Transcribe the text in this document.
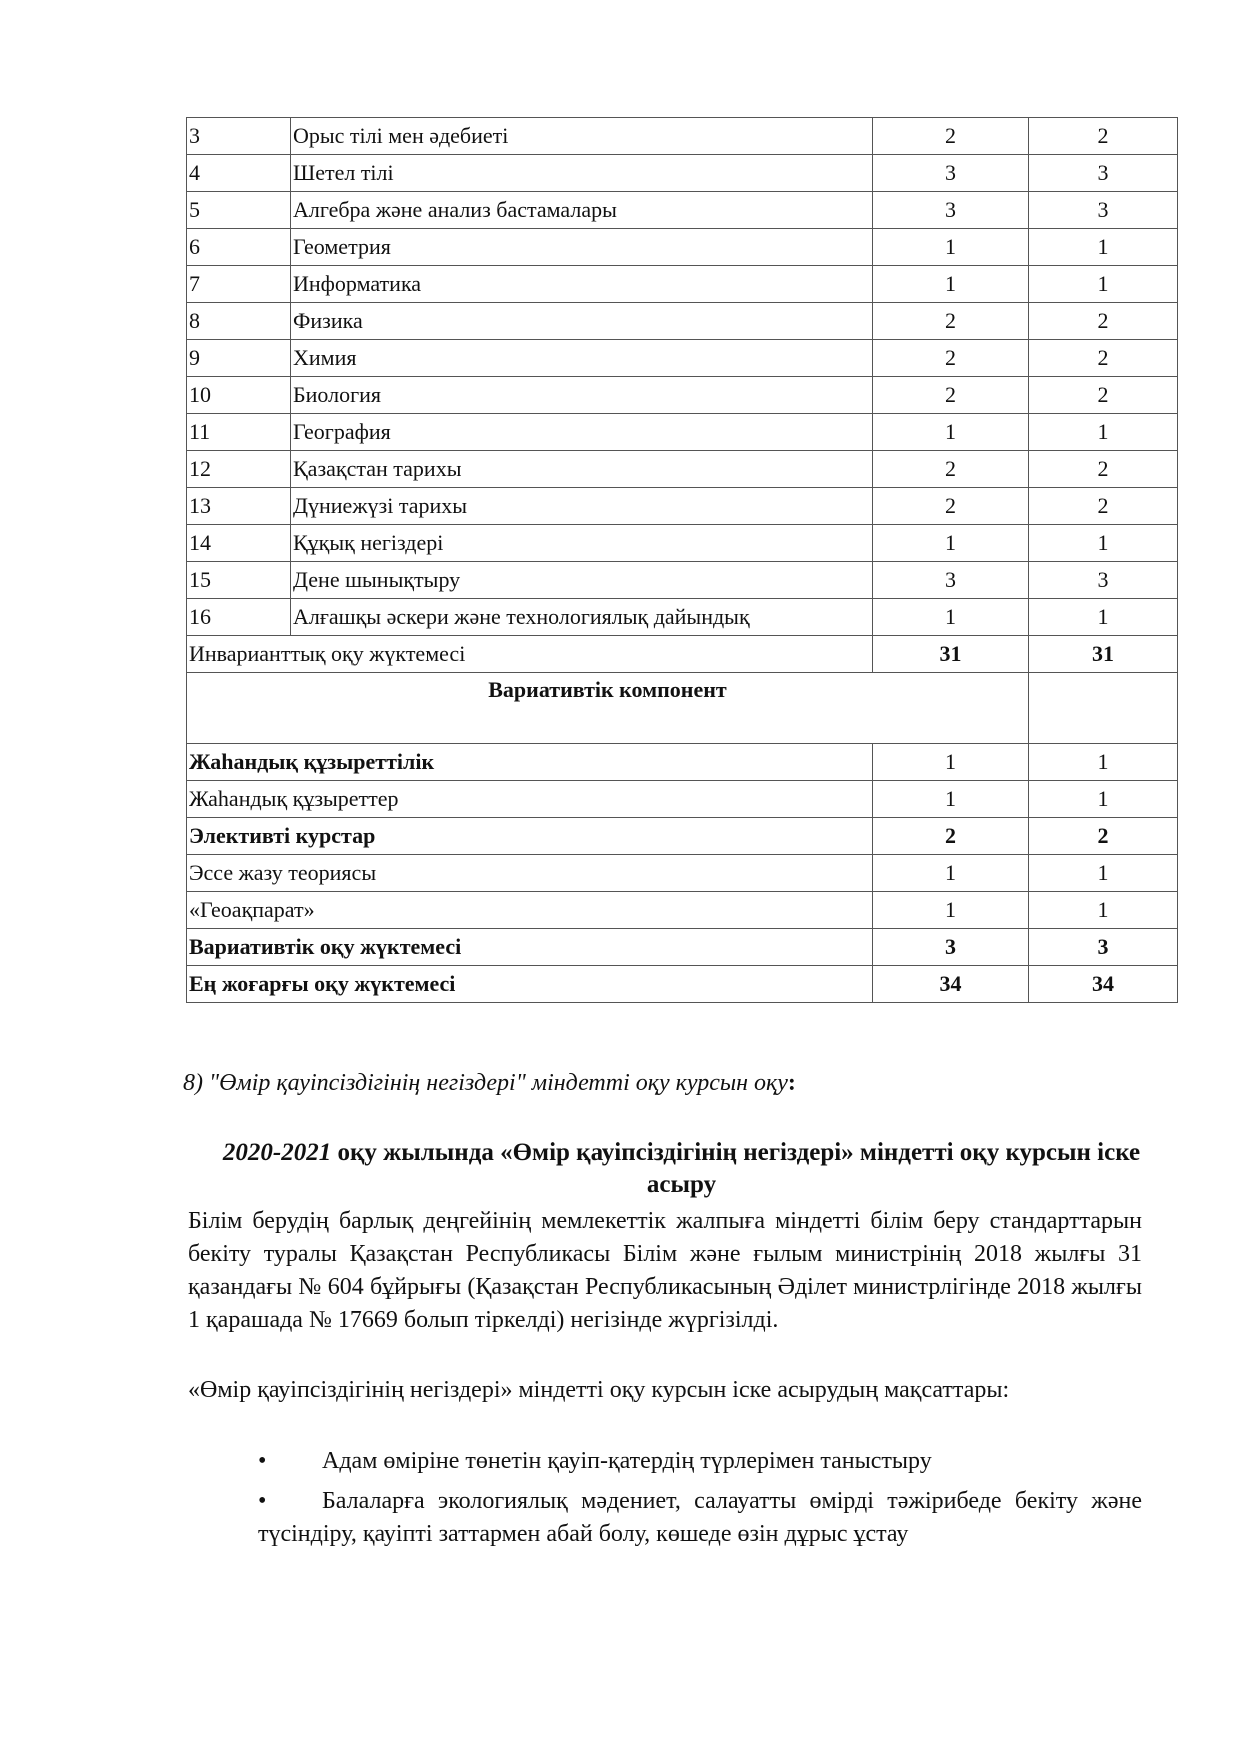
3	Орыс тілі мен әдебиеті	2	2
4	Шетел тілі	3	3
5	Алгебра және анализ бастамалары	3	3
6	Геометрия	1	1
7	Информатика	1	1
8	Физика	2	2
9	Химия	2	2
10	Биология	2	2
11	География	1	1
12	Қазақстан тарихы	2	2
13	Дүниежүзі тарихы	2	2
14	Құқық негіздері	1	1
15	Дене шынықтыру	3	3
16	Алғашқы әскери және технологиялық дайындық	1	1
Инварианттық оқу жүктемесі		31	31
Вариативтік компонент			
Жаһандық құзыреттілік		1	1
Жаһандық құзыреттер		1	1
Элективті курстар		2	2
Эссе жазу теориясы		1	1
«Геоақпарат»		1	1
Вариативтік оқу жүктемесі		3	3
Ең жоғарғы оқу жүктемесі		34	34
8) "Өмір қауіпсіздігінің негіздері" міндетті оқу курсын оқу:
2020-2021 оқу жылында «Өмір қауіпсіздігінің негіздері» міндетті оқу курсын іске асыру
Білім берудің барлық деңгейінің мемлекеттік жалпыға міндетті білім беру стандарттарын бекіту туралы Қазақстан Республикасы Білім және ғылым министрінің 2018 жылғы 31 қазандағы № 604 бұйрығы (Қазақстан Республикасының Әділет министрлігінде 2018 жылғы 1 қарашада № 17669 болып тіркелді) негізінде жүргізілді.
«Өмір қауіпсіздігінің негіздері» міндетті оқу курсын іске асырудың мақсаттары:
• Адам өміріне төнетін қауіп-қатердің түрлерімен таныстыру
• Балаларға экологиялық мәдениет, салауатты өмірді тәжірибеде бекіту және түсіндіру, қауіпті заттармен абай болу, көшеде өзін дұрыс ұстау
